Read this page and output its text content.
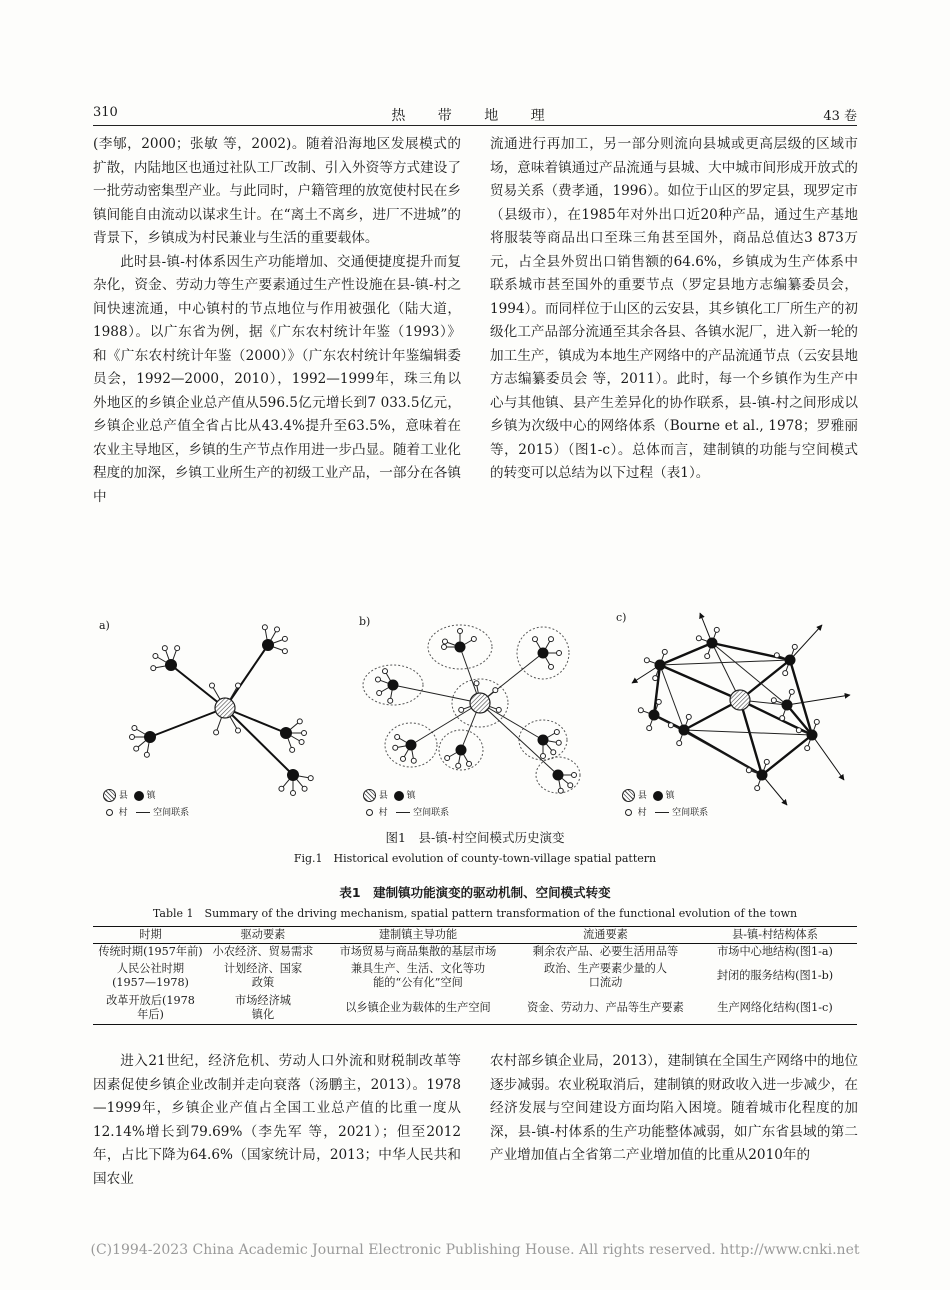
310	热 带 地 理	43 卷

(李郇，2000；张敏 等，2002)。随着沿海地区发展模式的扩散，内陆地区也通过社队工厂改制、引入外资等方式建设了一批劳动密集型产业。与此同时，户籍管理的放宽使村民在乡镇间能自由流动以谋求生计。在“离土不离乡，进厂不进城”的背景下，乡镇成为村民兼业与生活的重要载体。

此时县-镇-村体系因生产功能增加、交通便捷度提升而复杂化，资金、劳动力等生产要素通过生产性设施在县-镇-村之间快速流通，中心镇村的节点地位与作用被强化（陆大道，1988）。以广东省为例，据《广东农村统计年鉴（1993）》和《广东农村统计年鉴（2000）》（广东农村统计年鉴编辑委员会，1992—2000，2010），1992—1999年，珠三角以外地区的乡镇企业总产值从596.5亿元增长到7 033.5亿元，乡镇企业总产值全省占比从43.4%提升至63.5%，意味着在农业主导地区，乡镇的生产节点作用进一步凸显。随着工业化程度的加深，乡镇工业所生产的初级工业产品，一部分在各镇中

流通进行再加工，另一部分则流向县城或更高层级的区域市场，意味着镇通过产品流通与县城、大中城市间形成开放式的贸易关系（费孝通，1996）。如位于山区的罗定县，现罗定市（县级市），在1985年对外出口近20种产品，通过生产基地将服装等商品出口至珠三角甚至国外，商品总值达3 873万元，占全县外贸出口销售额的64.6%，乡镇成为生产体系中联系城市甚至国外的重要节点（罗定县地方志编纂委员会，1994）。而同样位于山区的云安县，其乡镇化工厂所生产的初级化工产品部分流通至其余各县、各镇水泥厂，进入新一轮的加工生产，镇成为本地生产网络中的产品流通节点（云安县地方志编纂委员会 等，2011）。此时，每一个乡镇作为生产中心与其他镇、县产生差异化的协作联系，县-镇-村之间形成以乡镇为次级中心的网络体系（Bourne et al., 1978；罗雅丽 等，2015）（图1-c）。总体而言，建制镇的功能与空间模式的转变可以总结为以下过程（表1）。

a)
县 镇
村	空间联系
b)
县 镇
村	空间联系
c)
县 镇
村	空间联系
图1　县-镇-村空间模式历史演变
Fig.1　Historical evolution of county-town-village spatial pattern
表1　建制镇功能演变的驱动机制、空间模式转变
Table 1　Summary of the driving mechanism, spatial pattern transformation of the functional evolution of the town
时期	驱动要素	建制镇主导功能	流通要素	县-镇-村结构体系
传统时期(1957年前)	小农经济、贸易需求	市场贸易与商品集散的基层市场	剩余农产品、必要生活用品等	市场中心地结构(图1-a)
人民公社时期(1957—1978)	计划经济、国家政策	兼具生产、生活、文化等功能的“公有化”空间	政治、生产要素少量的人口流动	封闭的服务结构(图1-b)
改革开放后(1978年后)	市场经济城镇化	以乡镇企业为载体的生产空间	资金、劳动力、产品等生产要素	生产网络化结构(图1-c)

进入21世纪，经济危机、劳动人口外流和财税制改革等因素促使乡镇企业改制并走向衰落（汤鹏主，2013）。1978—1999年，乡镇企业产值占全国工业总产值的比重一度从12.14%增长到79.69%（李先军 等，2021）；但至2012年，占比下降为64.6%（国家统计局，2013；中华人民共和国农业

农村部乡镇企业局，2013），建制镇在全国生产网络中的地位逐步减弱。农业税取消后，建制镇的财政收入进一步减少，在经济发展与空间建设方面均陷入困境。随着城市化程度的加深，县-镇-村体系的生产功能整体减弱，如广东省县域的第二产业增加值占全省第二产业增加值的比重从2010年的

(C)1994-2023 China Academic Journal Electronic Publishing House. All rights reserved. http://www.cnki.net
